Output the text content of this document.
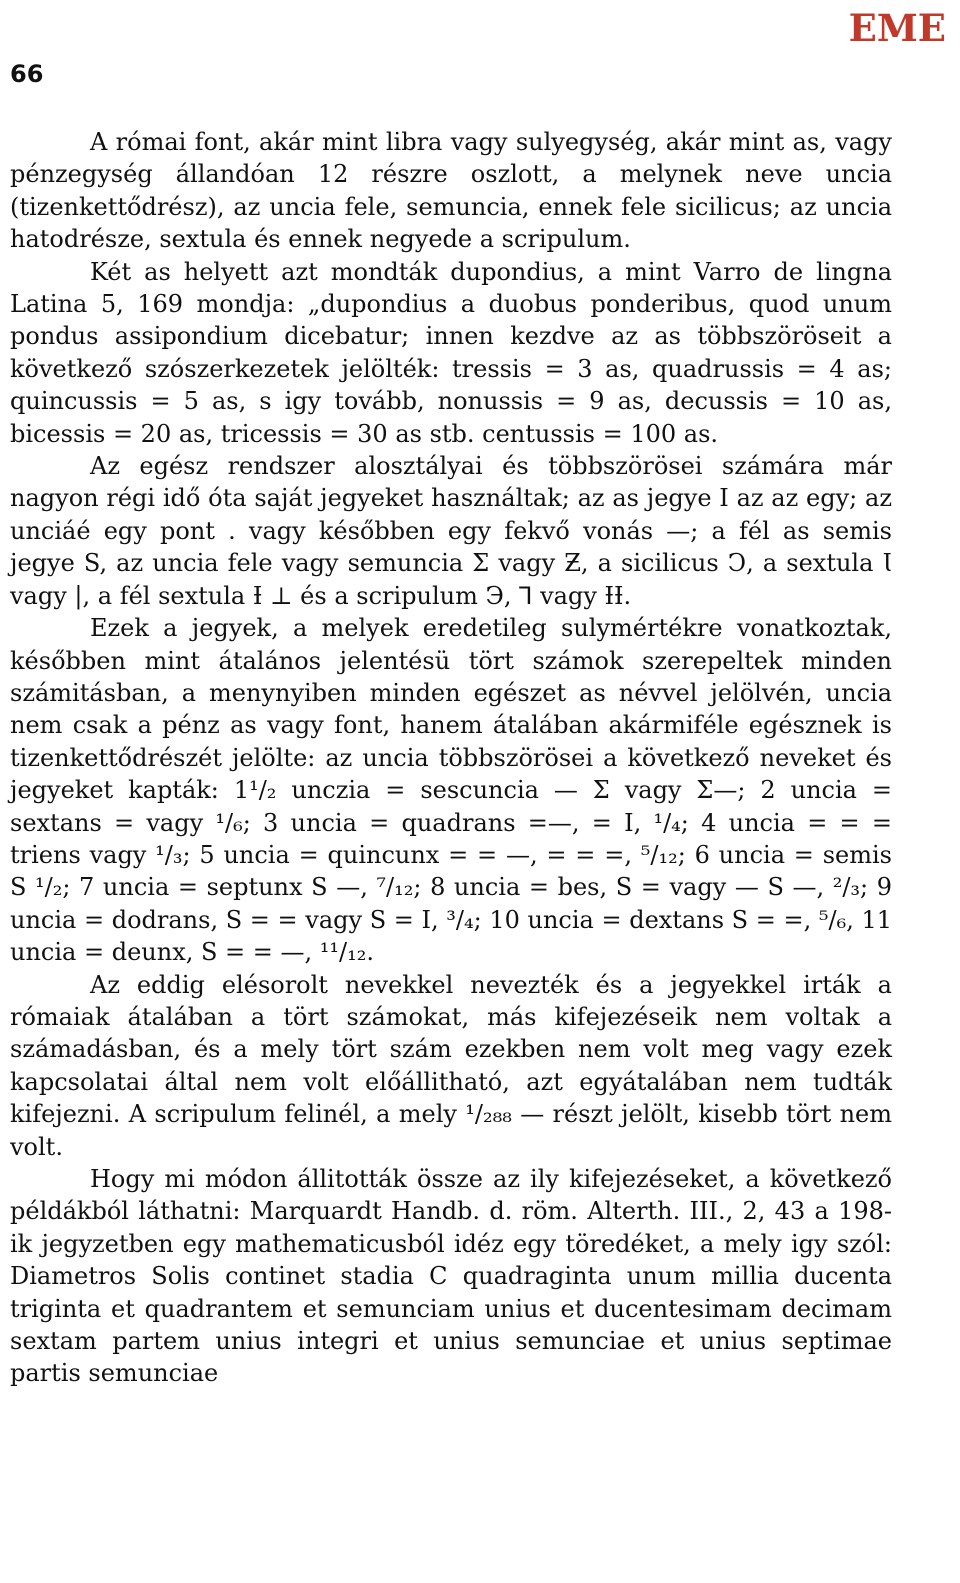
EME
66

A római font, akár mint libra vagy sulyegység, akár mint as, vagy pénzegység állandóan 12 részre oszlott, a melynek neve uncia (tizenkettődrész), az uncia fele, semuncia, ennek fele sicilicus; az uncia hatodrésze, sextula és ennek negyede a scripulum.

Két as helyett azt mondták dupondius, a mint Varro de lingna Latina 5, 169 mondja: „dupondius a duobus ponderibus, quod unum pondus assipondium dicebatur; innen kezdve az as többszöröseit a következő szószerkezetek jelölték: tressis = 3 as, quadrussis = 4 as; quincussis = 5 as, s igy tovább, nonussis = 9 as, decussis = 10 as, bicessis = 20 as, tricessis = 30 as stb. centussis = 100 as.

Az egész rendszer alosztályai és többszörösei számára már nagyon régi idő óta saját jegyeket használtak; az as jegye I az az egy; az unciáé egy pont . vagy későbben egy fekvő vonás —; a fél as semis jegye S, az uncia fele vagy semuncia Σ vagy Ƶ, a sicilicus Ͻ, a sextula Ɩ vagy |, a fél sextula Ɨ ⊥ és a scripulum Э, ⅂ vagy ƗƗ.

Ezek a jegyek, a melyek eredetileg sulymértékre vonatkoztak, későbben mint átalános jelentésü tört számok szerepeltek minden számitásban, a menynyiben minden egészet as névvel jelölvén, uncia nem csak a pénz as vagy font, hanem átalában akármiféle egésznek is tizenkettődrészét jelölte: az uncia többszörösei a következő neveket és jegyeket kapták: 1¹/₂ unczia = sescuncia — Σ vagy Σ—; 2 uncia = sextans = vagy ¹/₆; 3 uncia = quadrans =—, = I, ¹/₄; 4 uncia = = = triens vagy ¹/₃; 5 uncia = quincunx = = —, = = =, ⁵/₁₂; 6 uncia = semis S ¹/₂; 7 uncia = septunx S —, ⁷/₁₂; 8 uncia = bes, S = vagy — S —, ²/₃; 9 uncia = dodrans, S = = vagy S = I, ³/₄; 10 uncia = dextans S = =, ⁵/₆, 11 uncia = deunx, S = = —, ¹¹/₁₂.

Az eddig elésorolt nevekkel nevezték és a jegyekkel irták a rómaiak átalában a tört számokat, más kifejezéseik nem voltak a számadásban, és a mely tört szám ezekben nem volt meg vagy ezek kapcsolatai által nem volt előállitható, azt egyátalában nem tudták kifejezni. A scripulum felinél, a mely ¹/₂₈₈ — részt jelölt, kisebb tört nem volt.

Hogy mi módon állitották össze az ily kifejezéseket, a következő példákból láthatni: Marquardt Handb. d. röm. Alterth. III., 2, 43 a 198-ik jegyzetben egy mathematicusból idéz egy töredéket, a mely igy szól: Diametros Solis continet stadia C quadraginta unum millia ducenta triginta et quadrantem et semunciam unius et ducentesimam decimam sextam partem unius integri et unius semunciae et unius septimae partis semunciae
